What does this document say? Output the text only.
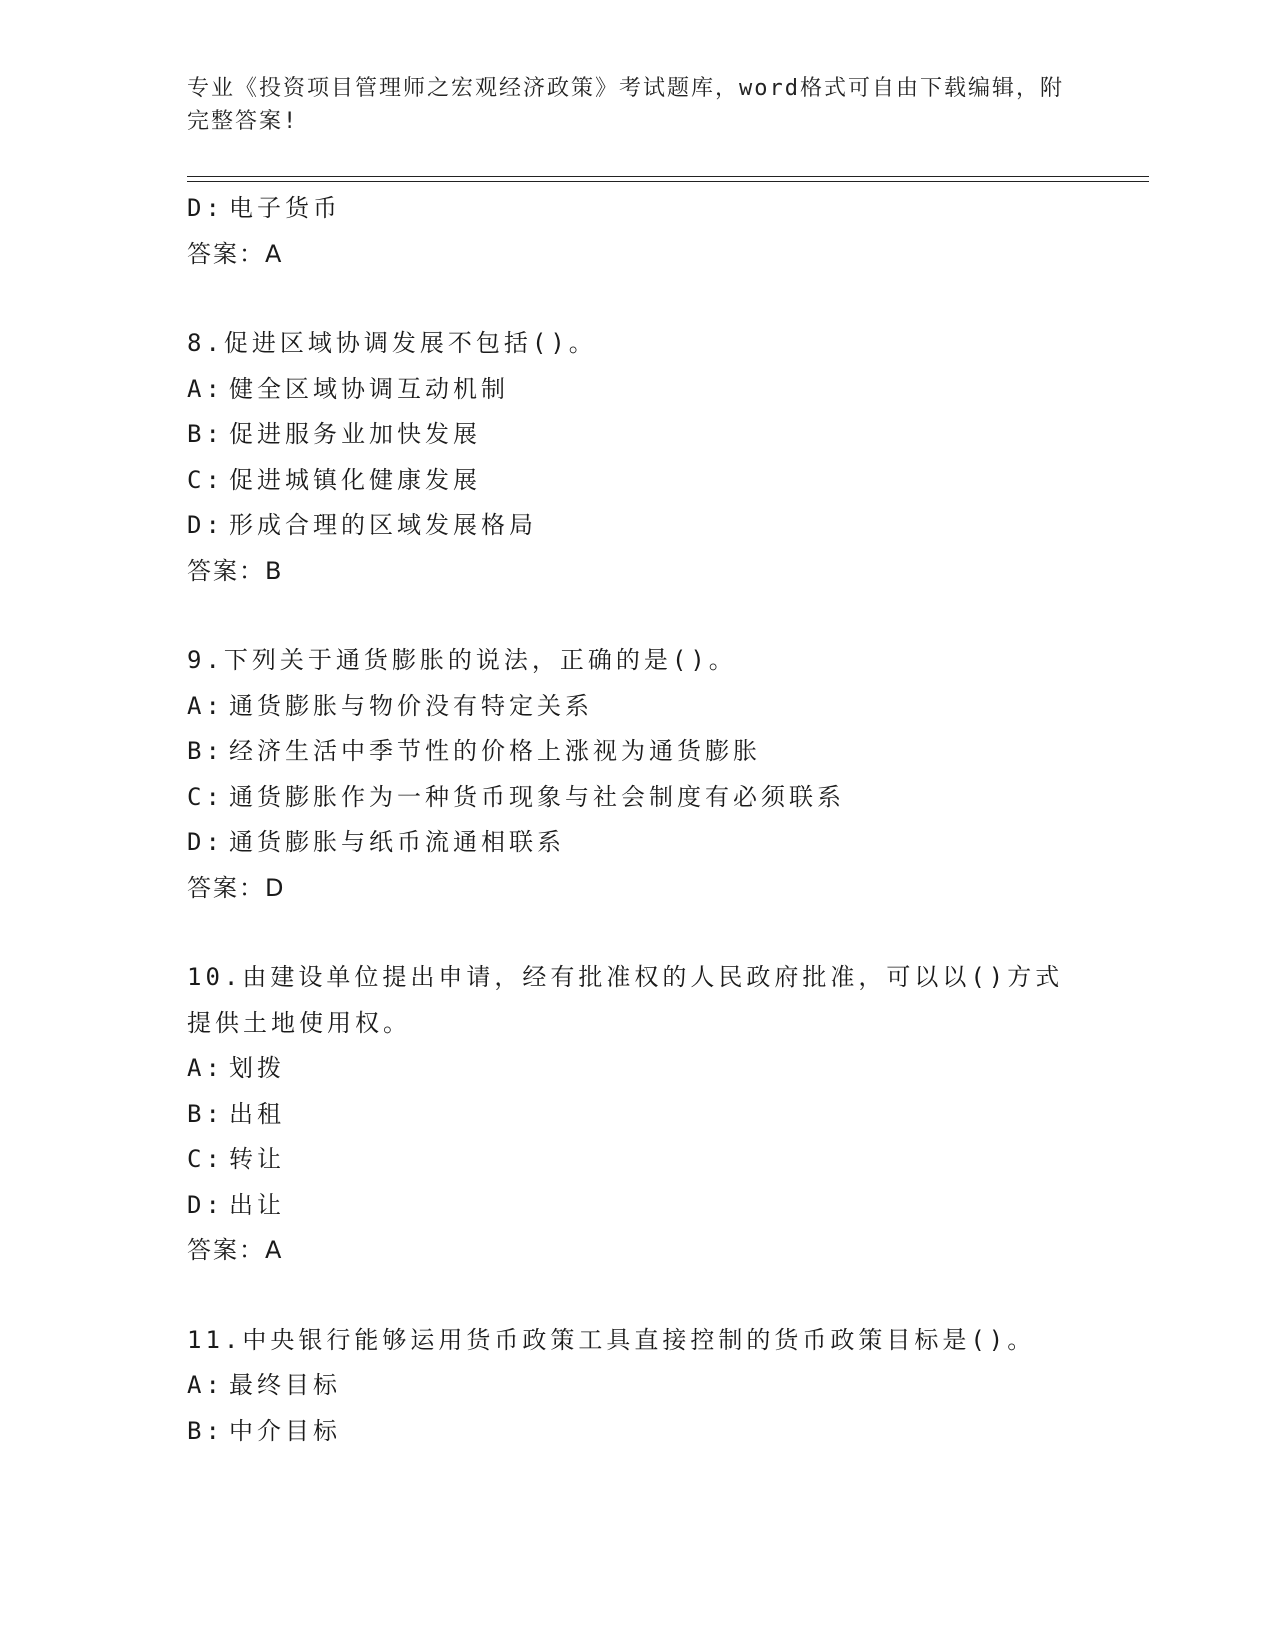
专业《投资项目管理师之宏观经济政策》考试题库，word格式可自由下载编辑，附完整答案!
D: 电子货币
答案：A
8.促进区域协调发展不包括()。
A: 健全区域协调互动机制
B: 促进服务业加快发展
C: 促进城镇化健康发展
D: 形成合理的区域发展格局
答案：B
9.下列关于通货膨胀的说法，正确的是()。
A: 通货膨胀与物价没有特定关系
B: 经济生活中季节性的价格上涨视为通货膨胀
C: 通货膨胀作为一种货币现象与社会制度有必须联系
D: 通货膨胀与纸币流通相联系
答案：D
10.由建设单位提出申请，经有批准权的人民政府批准，可以以()方式提供土地使用权。
A: 划拨
B: 出租
C: 转让
D: 出让
答案：A
11.中央银行能够运用货币政策工具直接控制的货币政策目标是()。
A: 最终目标
B: 中介目标
